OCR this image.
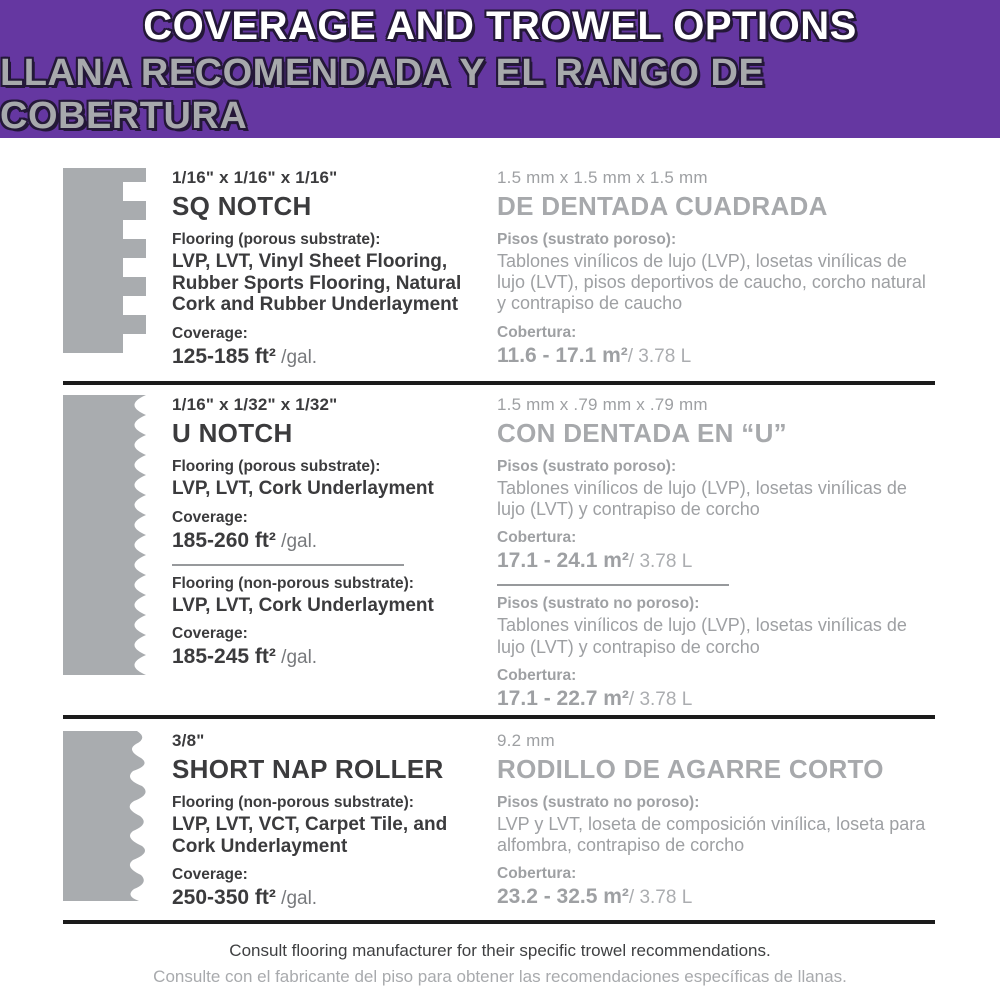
COVERAGE AND TROWEL OPTIONS
LLANA RECOMENDADA Y EL RANGO DE COBERTURA
1/16" x 1/16" x 1/16"
SQ NOTCH
Flooring (porous substrate):
LVP, LVT, Vinyl Sheet Flooring, Rubber Sports Flooring, Natural Cork and Rubber Underlayment
Coverage:
125-185 ft² /gal.
1.5 mm x 1.5 mm x 1.5 mm
DE DENTADA CUADRADA
Pisos (sustrato poroso):
Tablones vinílicos de lujo (LVP), losetas vinílicas de lujo (LVT), pisos deportivos de caucho, corcho natural y contrapiso de caucho
Cobertura:
11.6 - 17.1 m²/ 3.78 L
1/16" x 1/32" x 1/32"
U NOTCH
Flooring (porous substrate):
LVP, LVT, Cork Underlayment
Coverage:
185-260 ft² /gal.
Flooring (non-porous substrate):
LVP, LVT, Cork Underlayment
Coverage:
185-245 ft² /gal.
1.5 mm x .79 mm x .79 mm
CON DENTADA EN “U”
Pisos (sustrato poroso):
Tablones vinílicos de lujo (LVP), losetas vinílicas de lujo (LVT) y contrapiso de corcho
Cobertura:
17.1 - 24.1 m²/ 3.78 L
Pisos (sustrato no poroso):
Tablones vinílicos de lujo (LVP), losetas vinílicas de lujo (LVT) y contrapiso de corcho
Cobertura:
17.1 - 22.7 m²/ 3.78 L
3/8"
SHORT NAP ROLLER
Flooring (non-porous substrate):
LVP, LVT, VCT, Carpet Tile, and Cork Underlayment
Coverage:
250-350 ft² /gal.
9.2 mm
RODILLO DE AGARRE CORTO
Pisos (sustrato no poroso):
LVP y LVT, loseta de composición vinílica, loseta para alfombra, contrapiso de corcho
Cobertura:
23.2 - 32.5 m²/ 3.78 L
Consult flooring manufacturer for their specific trowel recommendations.
Consulte con el fabricante del piso para obtener las recomendaciones específicas de llanas.
